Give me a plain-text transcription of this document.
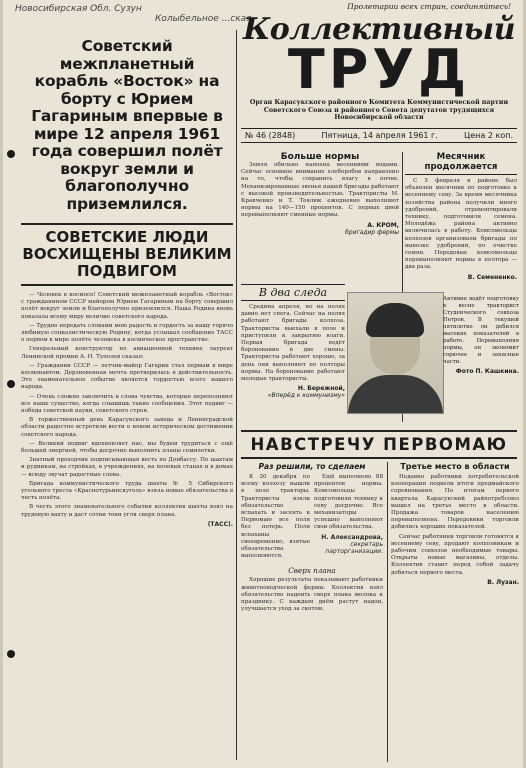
Новосибирская Обл. Сузун
Колыбельное ...ская
Советский межпланетный корабль «Восток» на борту с Юрием Гагариным впервые в мире 12 апреля 1961 года совершил полёт вокруг земли и благополучно приземлился.
СОВЕТСКИЕ ЛЮДИ ВОСХИЩЕНЫ ВЕЛИКИМ ПОДВИГОМ

— Человек в космосе! Советский межпланетный корабль «Восток» с гражданином СССР майором Юрием Гагариным на борту совершил полёт вокруг земли и благополучно приземлился. Наша Родина вновь показала всему миру величие советского народа.

— Трудно передать словами мою радость и гордость за нашу горячо любимую социалистическую Родину, когда услышал сообщение ТАСС о первом в мире полёте человека в космическое пространство.

Генеральный конструктор по авиационной технике лауреат Ленинской премии А. Н. Туполев сказал:

— Гражданин СССР — летчик-майор Гагарин стал первым в мире космонавтом. Дерзновенная мечта претворилась в действительность. Это знаменательное событие является гордостью всего нашего народа.

— Очень сложно заключить в слова чувства, которые переполняют все наше существо, когда слышишь такие сообщения. Этот подвиг — победа советской науки, советского строя.

В торжественный день Карасукского завода и Ленинградской области радостно встретили вести о новом историческом достижении советского народа.

— Великий подвиг вдохновляет нас, мы будем трудиться с ещё большей энергией, чтобы досрочно выполнить планы семилетки.

Знатный проходчик подписывающая весть по Донбассу. По шахтам и рудникам, на стройках, в учреждениях, на полевых станах и в домах — всюду звучат радостные слова.

Бригада коммунистического труда шахты № 5 Сибирского угольного треста «Краснотурьинскуголь» взяла новые обязательства в честь полёта.

В честь этого знаменательного события коллектив шахты взял на трудовую вахту и даст сотни тонн угля сверх плана.

(ТАСС).
Пролетарии всех стран, соединяйтесь!
Коллективный
ТРУД
Орган Карасукского районного Комитета Коммунистической партии Советского Союза и районного Совета депутатов трудящихся Новосибирской области
№ 46 (2848)	Пятница, 14 апреля 1961 г.	Цена 2 коп.
Больше нормы

Земля обильно напоена весенними водами. Сейчас основное внимание хлеборобов направлено на то, чтобы сохранить влагу в почве. Механизированные звенья нашей бригады работают с высокой производительностью. Трактористы М. Кравченко и Т. Тевлюк ежедневно выполняют нормы на 140—150 процентов. С первых дней перевыполняют сменные нормы.

А. КРОМ,
бригадир фермы
Месячник продолжается

С 5 февраля в районе был объявлен месячник по подготовке к весеннему севу. За время месячника хозяйства района получили много удобрений, отремонтировали технику, подготовили семена. Молодёжь района активно включилась в работу. Комсомольцы колхозов организовали бригады по вывозке удобрений, по очистке семян. Передовые комсомольцы перевыполняют нормы в полтора — два раза.

В. Семененко.
В два следа

Средина апреля, но на полях давно нет снега. Сейчас на полях работают бригады колхоза. Трактористы выехали в поле и приступили к закрытию влаги. Первая бригада ведёт боронование в две смены. Трактористы работают хорошо, за день они выполняют по полторы нормы. На боронование работают молодые трактористы.

Н. Бережной,
«Вперёд к коммунизму»
Активно ведёт подготовку к весне тракторист Студенческого совхоза Петров. В текущей пятилетке он добился высоких показателей в работе. Перевыполняя нормы, он экономит горючее и запасные части.
Фото П. Кашкина.
НАВСТРЕЧУ ПЕРВОМАЮ
Раз решили, то сделаем

К 20 декабря по всему колхозу вышли в поле тракторы. Трактористы взяли обязательство вспахать и засеять к Первомаю все поля без потерь. Поля вспаханы своевременно, взятые обязательства выполняются.

Ещё выполнено 88 процентов нормы. Комсомольцы подготовили технику к севу досрочно. Все механизаторы успешно выполняют свои обязательства.

Н. Александрова,
секретарь парторганизации.
Сверх плана

Хорошие результаты показывают работники животноводческой фермы. Коллектив взял обязательство надоить сверх плана молока к празднику. С каждым днём растут надои, улучшается уход за скотом.

Третье место в области

Недавно работники потребительской кооперации подвели итоги предмайского соревнования. По итогам первого квартала Карасукский райпотребсоюз вышел на третье место в области. Продажа товаров населению перевыполнена. Передовики торговли добились хороших показателей.

Сейчас работники торговли готовятся к весеннему севу, продают колхозникам и рабочим совхозов необходимые товары. Открыты новые магазины, отделы. Коллектив ставит перед собой задачу добиться первого места.

В. Лузан.
